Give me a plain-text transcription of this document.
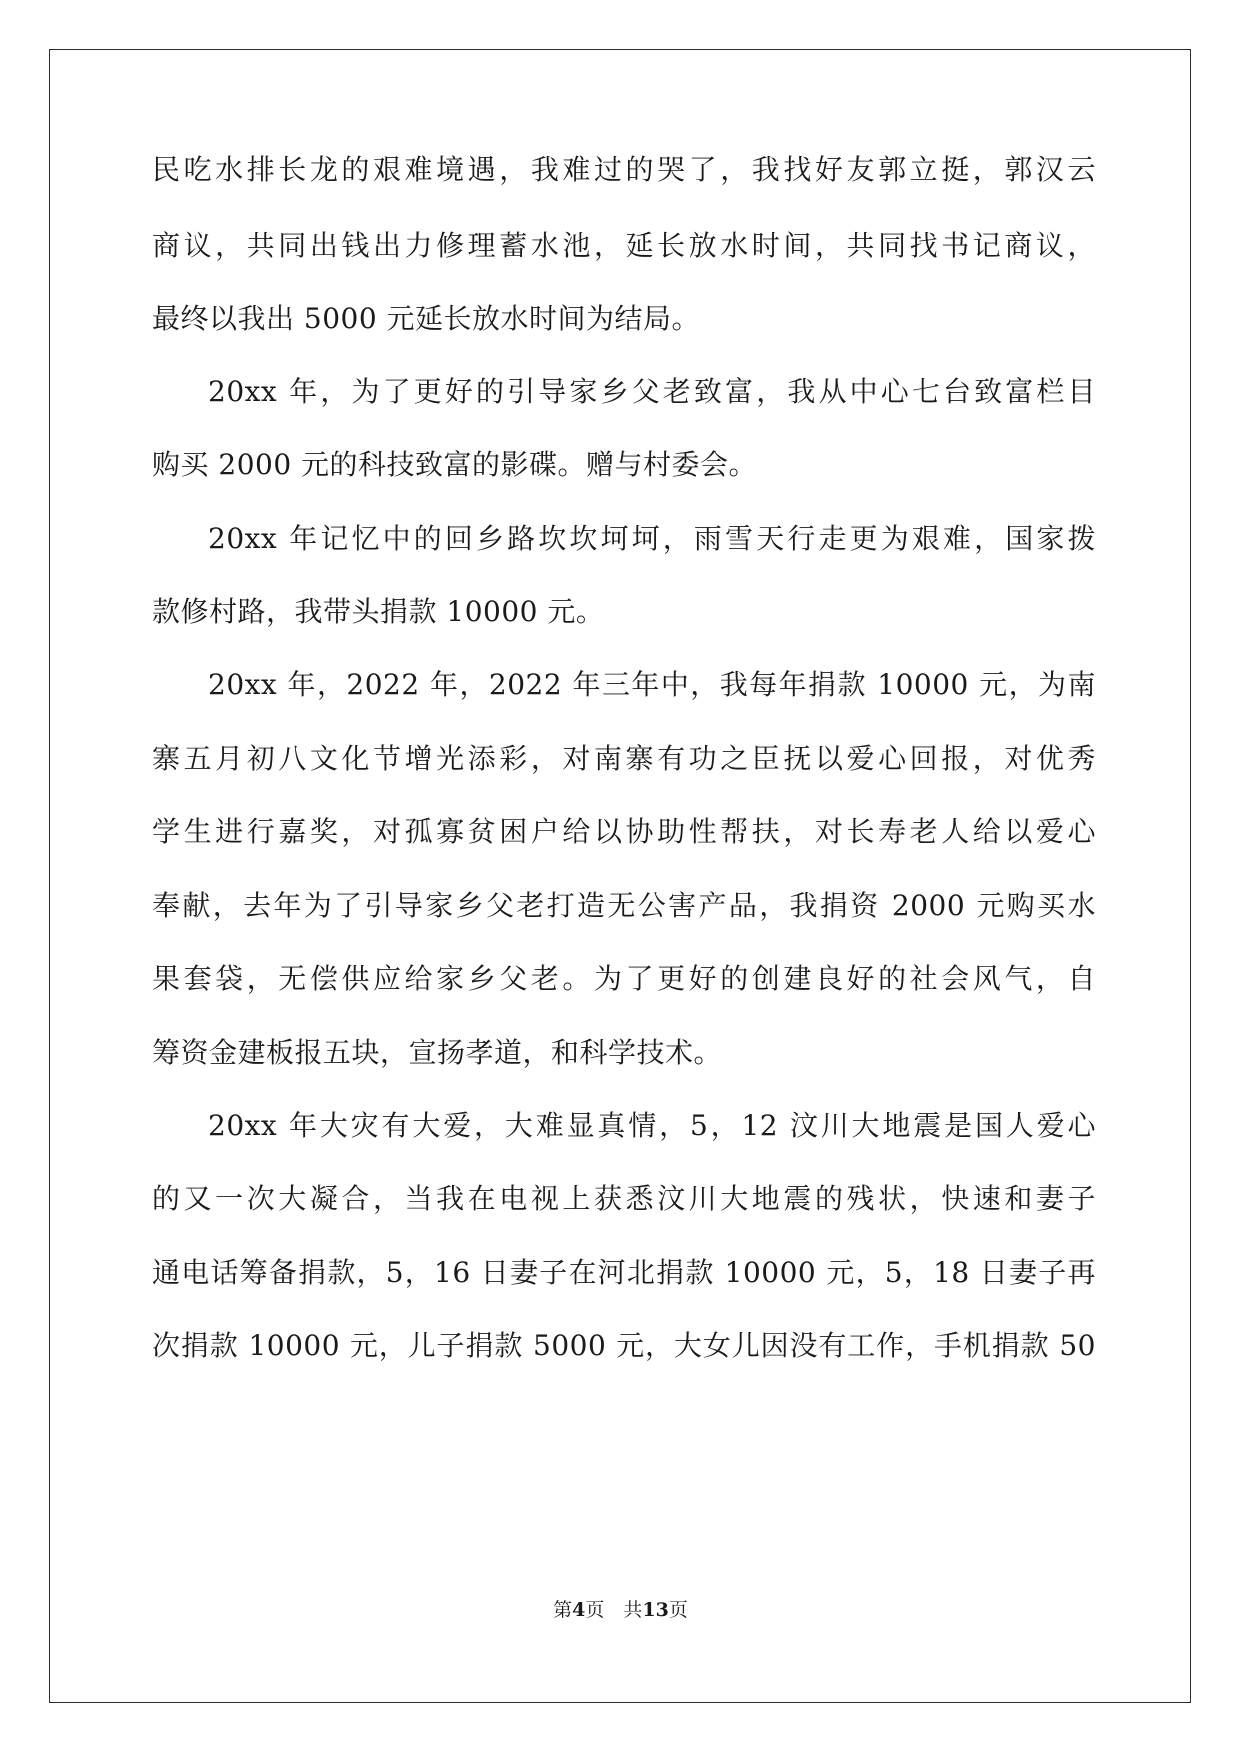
民吃水排长龙的艰难境遇，我难过的哭了，我找好友郭立挺，郭汉云
商议，共同出钱出力修理蓄水池，延长放水时间，共同找书记商议，
最终以我出 5000 元延长放水时间为结局。
20xx 年，为了更好的引导家乡父老致富，我从中心七台致富栏目
购买 2000 元的科技致富的影碟。赠与村委会。
20xx 年记忆中的回乡路坎坎坷坷，雨雪天行走更为艰难，国家拨
款修村路，我带头捐款 10000 元。
20xx 年，2022 年，2022 年三年中，我每年捐款 10000 元，为南
寨五月初八文化节增光添彩，对南寨有功之臣抚以爱心回报，对优秀
学生进行嘉奖，对孤寡贫困户给以协助性帮扶，对长寿老人给以爱心
奉献，去年为了引导家乡父老打造无公害产品，我捐资 2000 元购买水
果套袋，无偿供应给家乡父老。为了更好的创建良好的社会风气，自
筹资金建板报五块，宣扬孝道，和科学技术。
20xx 年大灾有大爱，大难显真情，5，12 汶川大地震是国人爱心
的又一次大凝合，当我在电视上获悉汶川大地震的残状，快速和妻子
通电话筹备捐款，5，16 日妻子在河北捐款 10000 元，5，18 日妻子再
次捐款 10000 元，儿子捐款 5000 元，大女儿因没有工作，手机捐款 50
第4页　共13页
